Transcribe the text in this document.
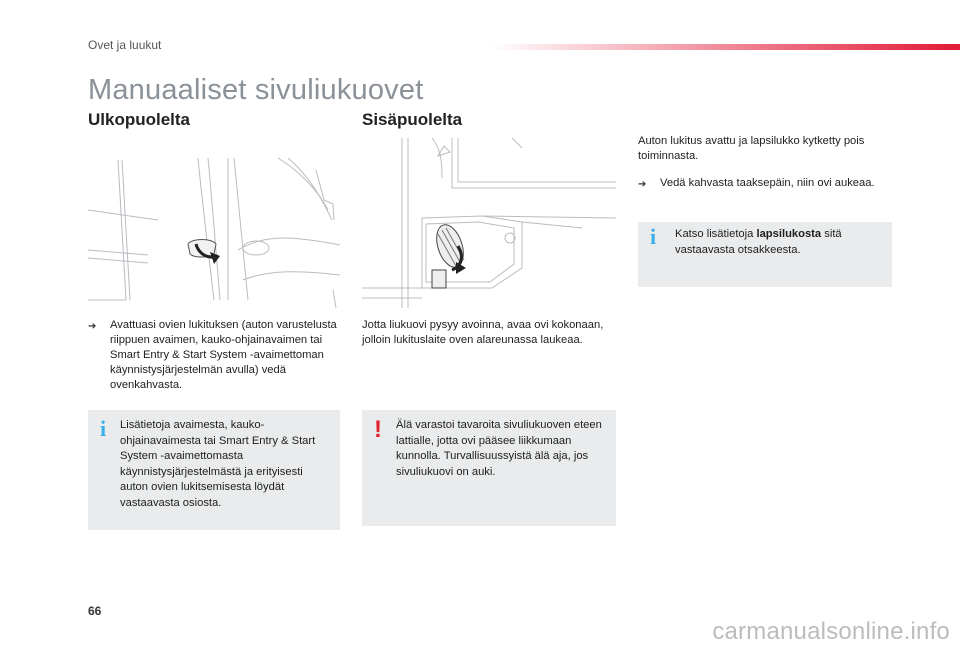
Ovet ja luukut
Manuaaliset sivuliukuovet
Ulkopuolelta
➔	Avattuasi ovien lukituksen (auton varustelusta riippuen avaimen, kauko-ohjainavaimen tai Smart Entry & Start System -avaimettoman käynnistysjärjestelmän avulla) vedä ovenkahvasta.
i Lisätietoja avaimesta, kauko-ohjainavaimesta tai Smart Entry & Start System -avaimettomasta käynnistysjärjestelmästä ja erityisesti auton ovien lukitsemisesta löydät vastaavasta osiosta.
Sisäpuolelta
Jotta liukuovi pysyy avoinna, avaa ovi kokonaan, jolloin lukituslaite oven alareunassa laukeaa.
! Älä varastoi tavaroita sivuliukuoven eteen lattialle, jotta ovi pääsee liikkumaan kunnolla. Turvallisuussyistä älä aja, jos sivuliukuovi on auki.
Auton lukitus avattu ja lapsilukko kytketty pois toiminnasta.
➔	Vedä kahvasta taaksepäin, niin ovi aukeaa.
i Katso lisätietoja lapsilukosta sitä vastaavasta otsakkeesta.
66
carmanualsonline.info
